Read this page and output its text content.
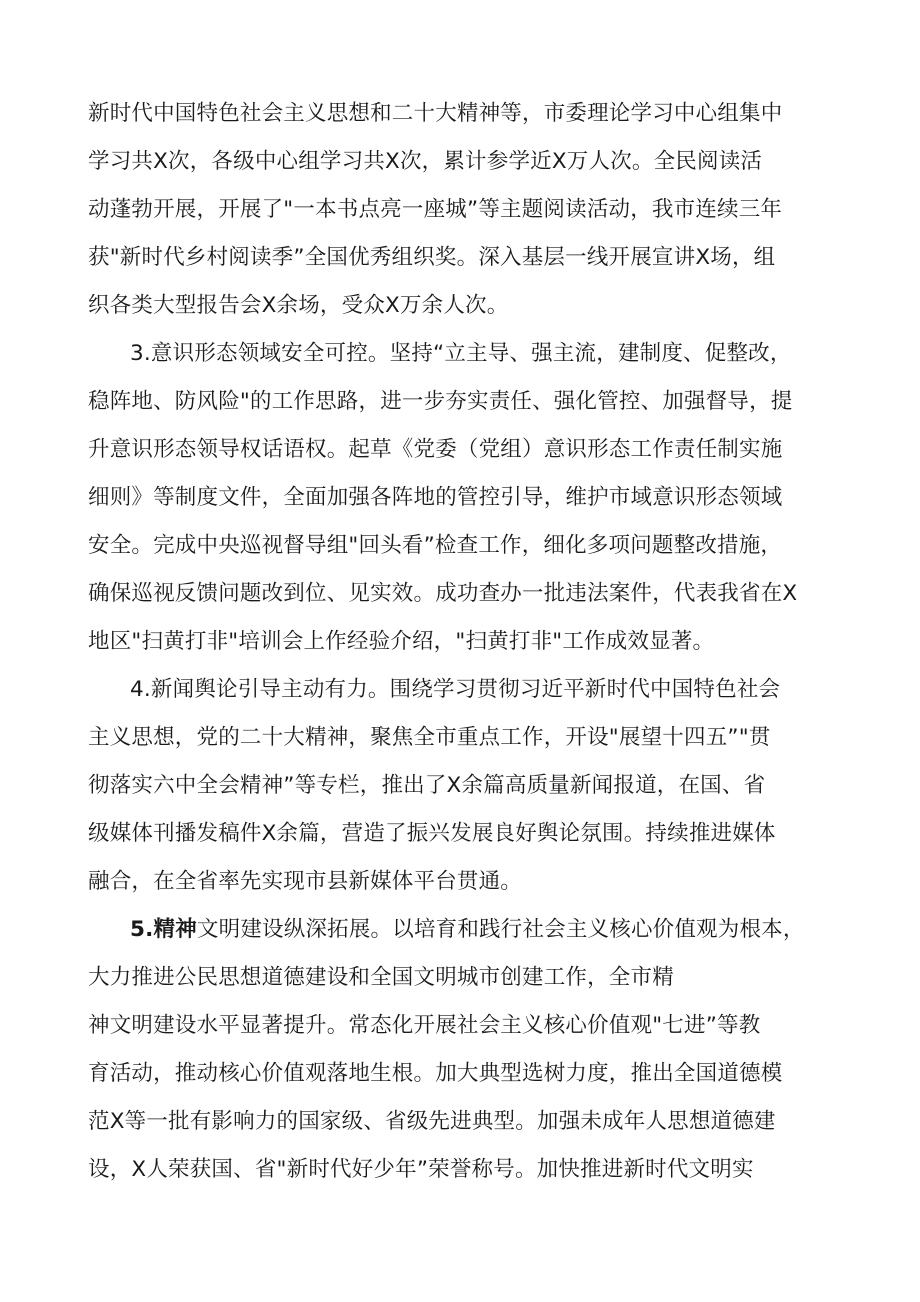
新时代中国特色社会主义思想和二十大精神等，市委理论学习中心组集中
学习共X次，各级中心组学习共X次，累计参学近X万人次。全民阅读活
动蓬勃开展，开展了"一本书点亮一座城”等主题阅读活动，我市连续三年
获"新时代乡村阅读季”全国优秀组织奖。深入基层一线开展宣讲X场，组
织各类大型报告会X余场，受众X万余人次。
3.意识形态领域安全可控。坚持“立主导、强主流，建制度、促整改，
稳阵地、防风险"的工作思路，进一步夯实责任、强化管控、加强督导，提
升意识形态领导权话语权。起草《党委（党组）意识形态工作责任制实施
细则》等制度文件，全面加强各阵地的管控引导，维护市域意识形态领域
安全。完成中央巡视督导组"回头看”检查工作，细化多项问题整改措施，
确保巡视反馈问题改到位、见实效。成功查办一批违法案件，代表我省在X
地区"扫黄打非"培训会上作经验介绍，"扫黄打非"工作成效显著。
4.新闻舆论引导主动有力。围绕学习贯彻习近平新时代中国特色社会
主义思想，党的二十大精神，聚焦全市重点工作，开设"展望十四五”"贯
彻落实六中全会精神”等专栏，推出了X余篇高质量新闻报道，在国、省
级媒体刊播发稿件X余篇，营造了振兴发展良好舆论氛围。持续推进媒体
融合，在全省率先实现市县新媒体平台贯通。
5.精神文明建设纵深拓展。以培育和践行社会主义核心价值观为根本，
大力推进公民思想道德建设和全国文明城市创建工作，全市精
神文明建设水平显著提升。常态化开展社会主义核心价值观"七进”等教
育活动，推动核心价值观落地生根。加大典型选树力度，推出全国道德模
范X等一批有影响力的国家级、省级先进典型。加强未成年人思想道德建
设，X人荣获国、省"新时代好少年”荣誉称号。加快推进新时代文明实
